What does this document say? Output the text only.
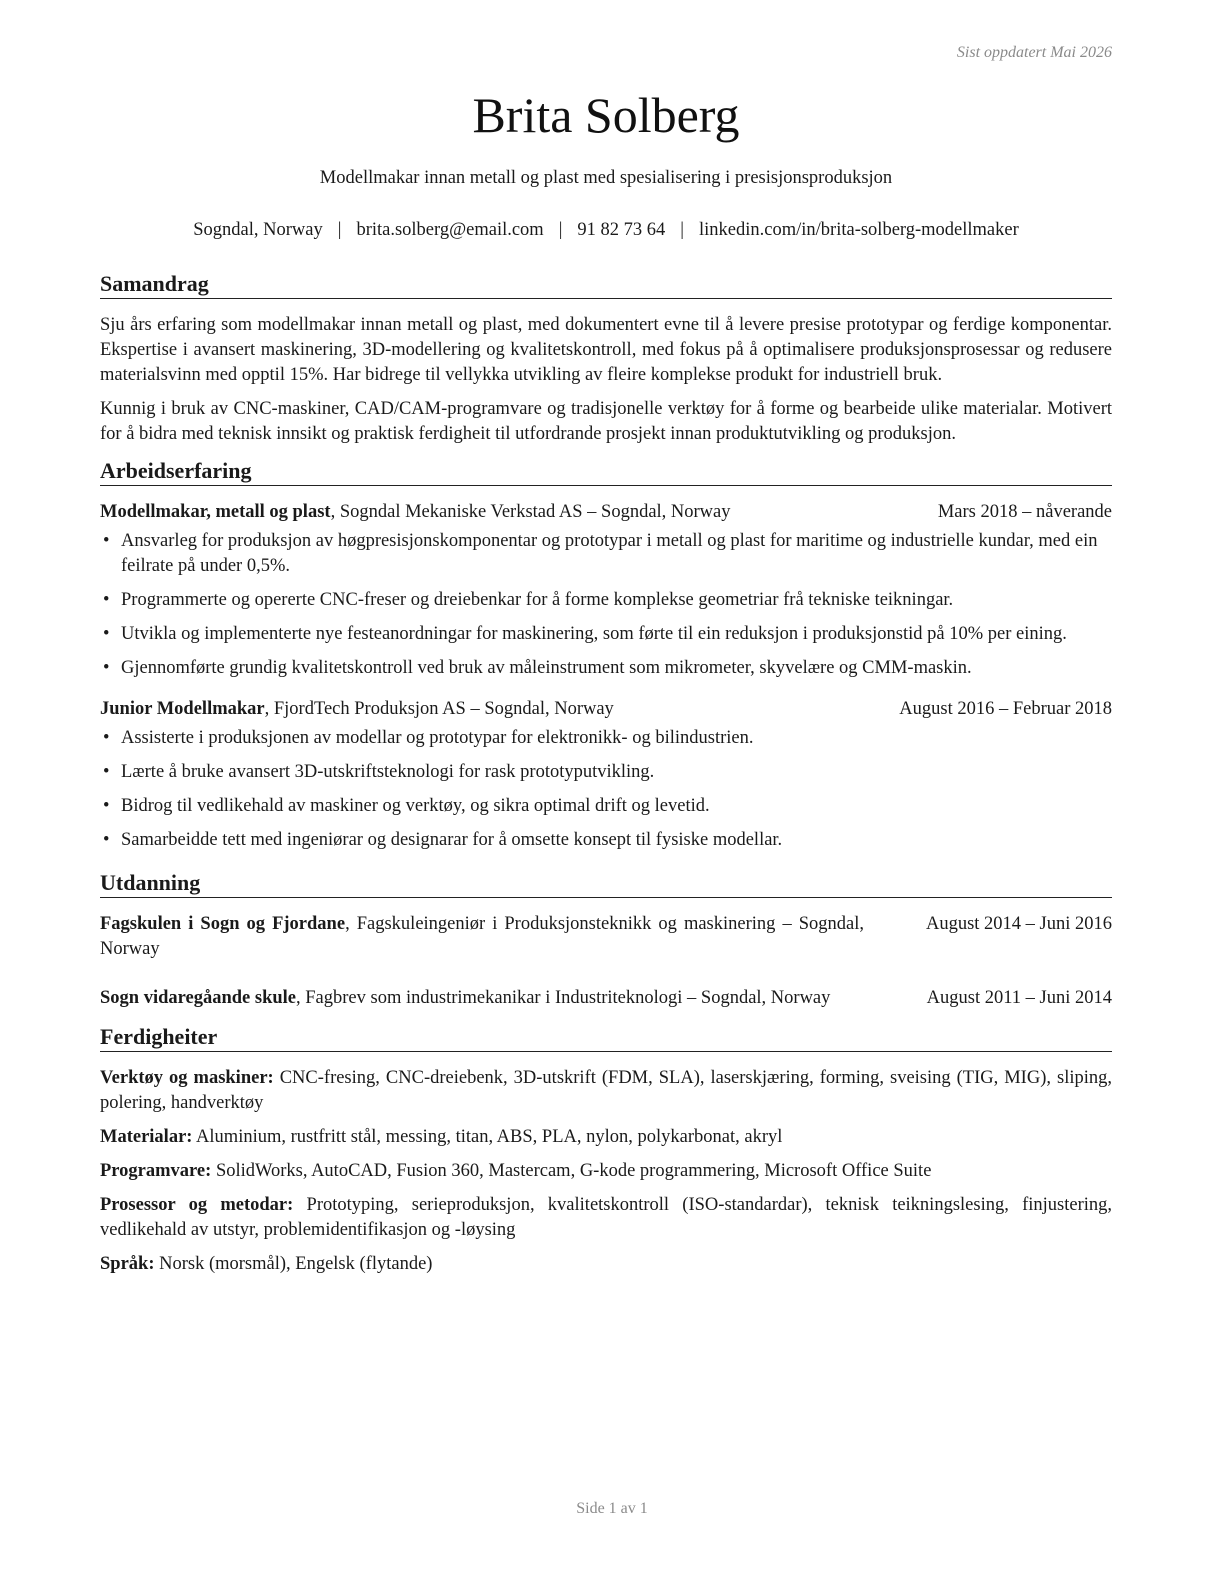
Sist oppdatert Mai 2026
Brita Solberg
Modellmakar innan metall og plast med spesialisering i presisjonsproduksjon
Sogndal, Norway | brita.solberg@email.com | 91 82 73 64 | linkedin.com/in/brita-solberg-modellmaker
Samandrag

Sju års erfaring som modellmakar innan metall og plast, med dokumentert evne til å levere presise prototypar og ferdige komponentar. Ekspertise i avansert maskinering, 3D-modellering og kvalitetskontroll, med fokus på å optimalisere produksjonsprosessar og redusere materialsvinn med opptil 15%. Har bidrege til vellykka utvikling av fleire komplekse produkt for industriell bruk.

Kunnig i bruk av CNC-maskiner, CAD/CAM-programvare og tradisjonelle verktøy for å forme og bearbeide ulike materialar. Motivert for å bidra med teknisk innsikt og praktisk ferdigheit til utfordrande prosjekt innan produktutvikling og produksjon.

Arbeidserfaring
Modellmakar, metall og plast, Sogndal Mekaniske Verkstad AS – Sogndal, Norway	Mars 2018 – nåverande
• Ansvarleg for produksjon av høgpresisjonskomponentar og prototypar i metall og plast for maritime og industrielle kundar, med ein feilrate på under 0,5%.
• Programmerte og opererte CNC-freser og dreiebenkar for å forme komplekse geometriar frå tekniske teikningar.
• Utvikla og implementerte nye festeanordningar for maskinering, som førte til ein reduksjon i produksjonstid på 10% per eining.
• Gjennomførte grundig kvalitetskontroll ved bruk av måleinstrument som mikrometer, skyvelære og CMM-maskin.
Junior Modellmakar, FjordTech Produksjon AS – Sogndal, Norway	August 2016 – Februar 2018
• Assisterte i produksjonen av modellar og prototypar for elektronikk- og bilindustrien.
• Lærte å bruke avansert 3D-utskriftsteknologi for rask prototyputvikling.
• Bidrog til vedlikehald av maskiner og verktøy, og sikra optimal drift og levetid.
• Samarbeidde tett med ingeniørar og designarar for å omsette konsept til fysiske modellar.
Utdanning
Fagskulen i Sogn og Fjordane, Fagskuleingeniør i Produksjonsteknikk og maskinering – Sogndal, Norway
August 2014 – Juni 2016
Sogn vidaregåande skule, Fagbrev som industrimekanikar i Industriteknologi – Sogndal, Norway	August 2011 – Juni 2014
Ferdigheiter

Verktøy og maskiner: CNC-fresing, CNC-dreiebenk, 3D-utskrift (FDM, SLA), laserskjæring, forming, sveising (TIG, MIG), sliping, polering, handverktøy

Materialar: Aluminium, rustfritt stål, messing, titan, ABS, PLA, nylon, polykarbonat, akryl

Programvare: SolidWorks, AutoCAD, Fusion 360, Mastercam, G-kode programmering, Microsoft Office Suite

Prosessor og metodar: Prototyping, serieproduksjon, kvalitetskontroll (ISO-standardar), teknisk teikningslesing, finjustering, vedlikehald av utstyr, problemidentifikasjon og -løysing

Språk: Norsk (morsmål), Engelsk (flytande)

Side 1 av 1
